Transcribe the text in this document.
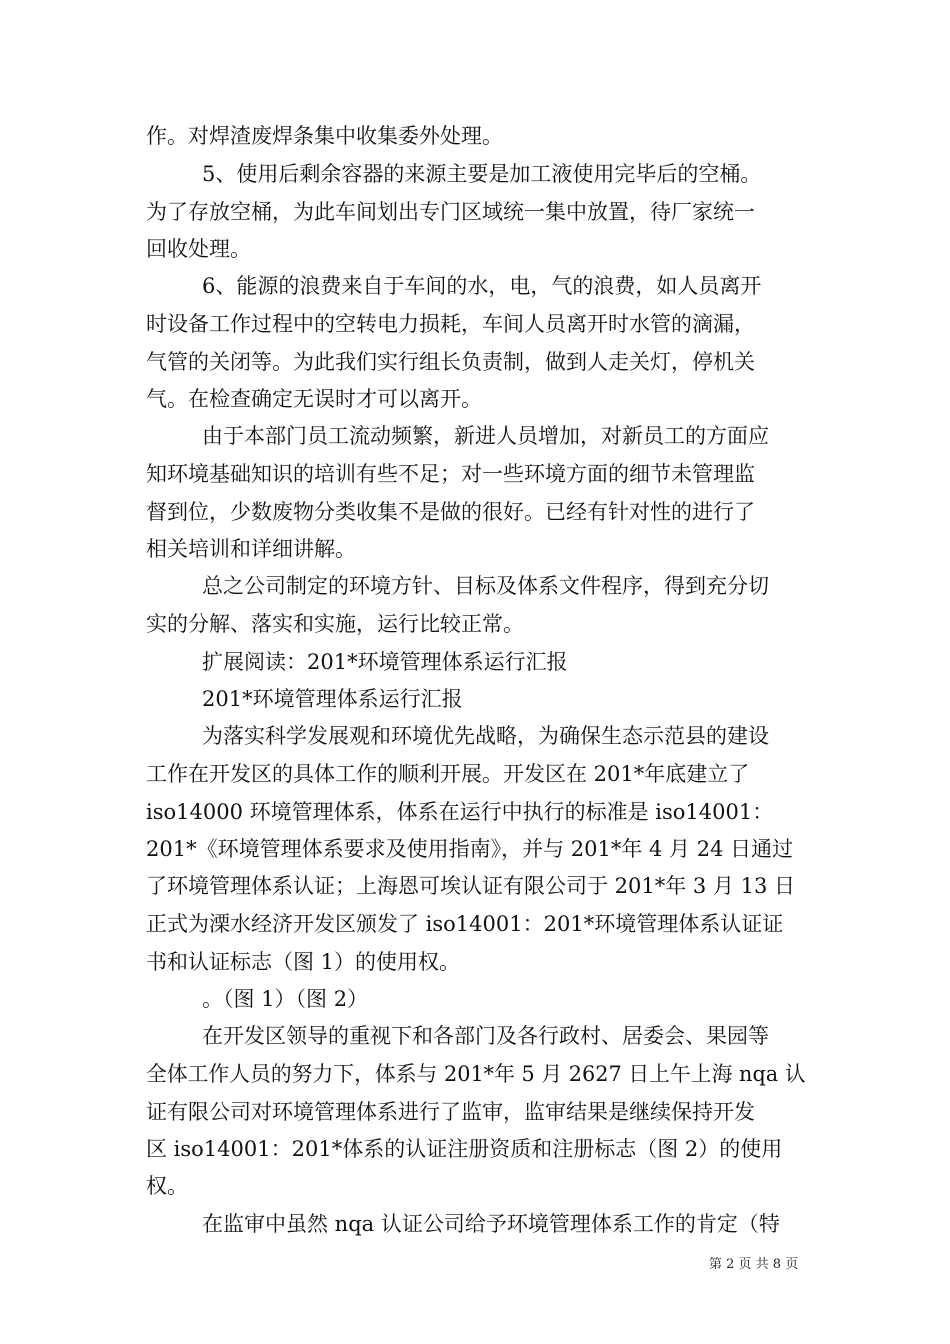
作。对焊渣废焊条集中收集委外处理。

5、使用后剩余容器的来源主要是加工液使用完毕后的空桶。

为了存放空桶，为此车间划出专门区域统一集中放置，待厂家统一

回收处理。

6、能源的浪费来自于车间的水，电，气的浪费，如人员离开

时设备工作过程中的空转电力损耗，车间人员离开时水管的滴漏，

气管的关闭等。为此我们实行组长负责制，做到人走关灯，停机关

气。在检查确定无误时才可以离开。

由于本部门员工流动频繁，新进人员增加，对新员工的方面应

知环境基础知识的培训有些不足；对一些环境方面的细节未管理监

督到位，少数废物分类收集不是做的很好。已经有针对性的进行了

相关培训和详细讲解。

总之公司制定的环境方针、目标及体系文件程序，得到充分切

实的分解、落实和实施，运行比较正常。

扩展阅读：201*环境管理体系运行汇报

201*环境管理体系运行汇报

为落实科学发展观和环境优先战略，为确保生态示范县的建设

工作在开发区的具体工作的顺利开展。开发区在 201*年底建立了

iso14000 环境管理体系，体系在运行中执行的标准是 iso14001：

201*《环境管理体系要求及使用指南》，并与 201*年 4 月 24 日通过

了环境管理体系认证；上海恩可埃认证有限公司于 201*年 3 月 13 日

正式为溧水经济开发区颁发了 iso14001：201*环境管理体系认证证

书和认证标志（图 1）的使用权。

。（图 1）（图 2）

在开发区领导的重视下和各部门及各行政村、居委会、果园等

全体工作人员的努力下，体系与 201*年 5 月 2627 日上午上海 nqa 认

证有限公司对环境管理体系进行了监审，监审结果是继续保持开发

区 iso14001：201*体系的认证注册资质和注册标志（图 2）的使用

权。

在监审中虽然 nqa 认证公司给予环境管理体系工作的肯定（特

第 2 页 共 8 页
